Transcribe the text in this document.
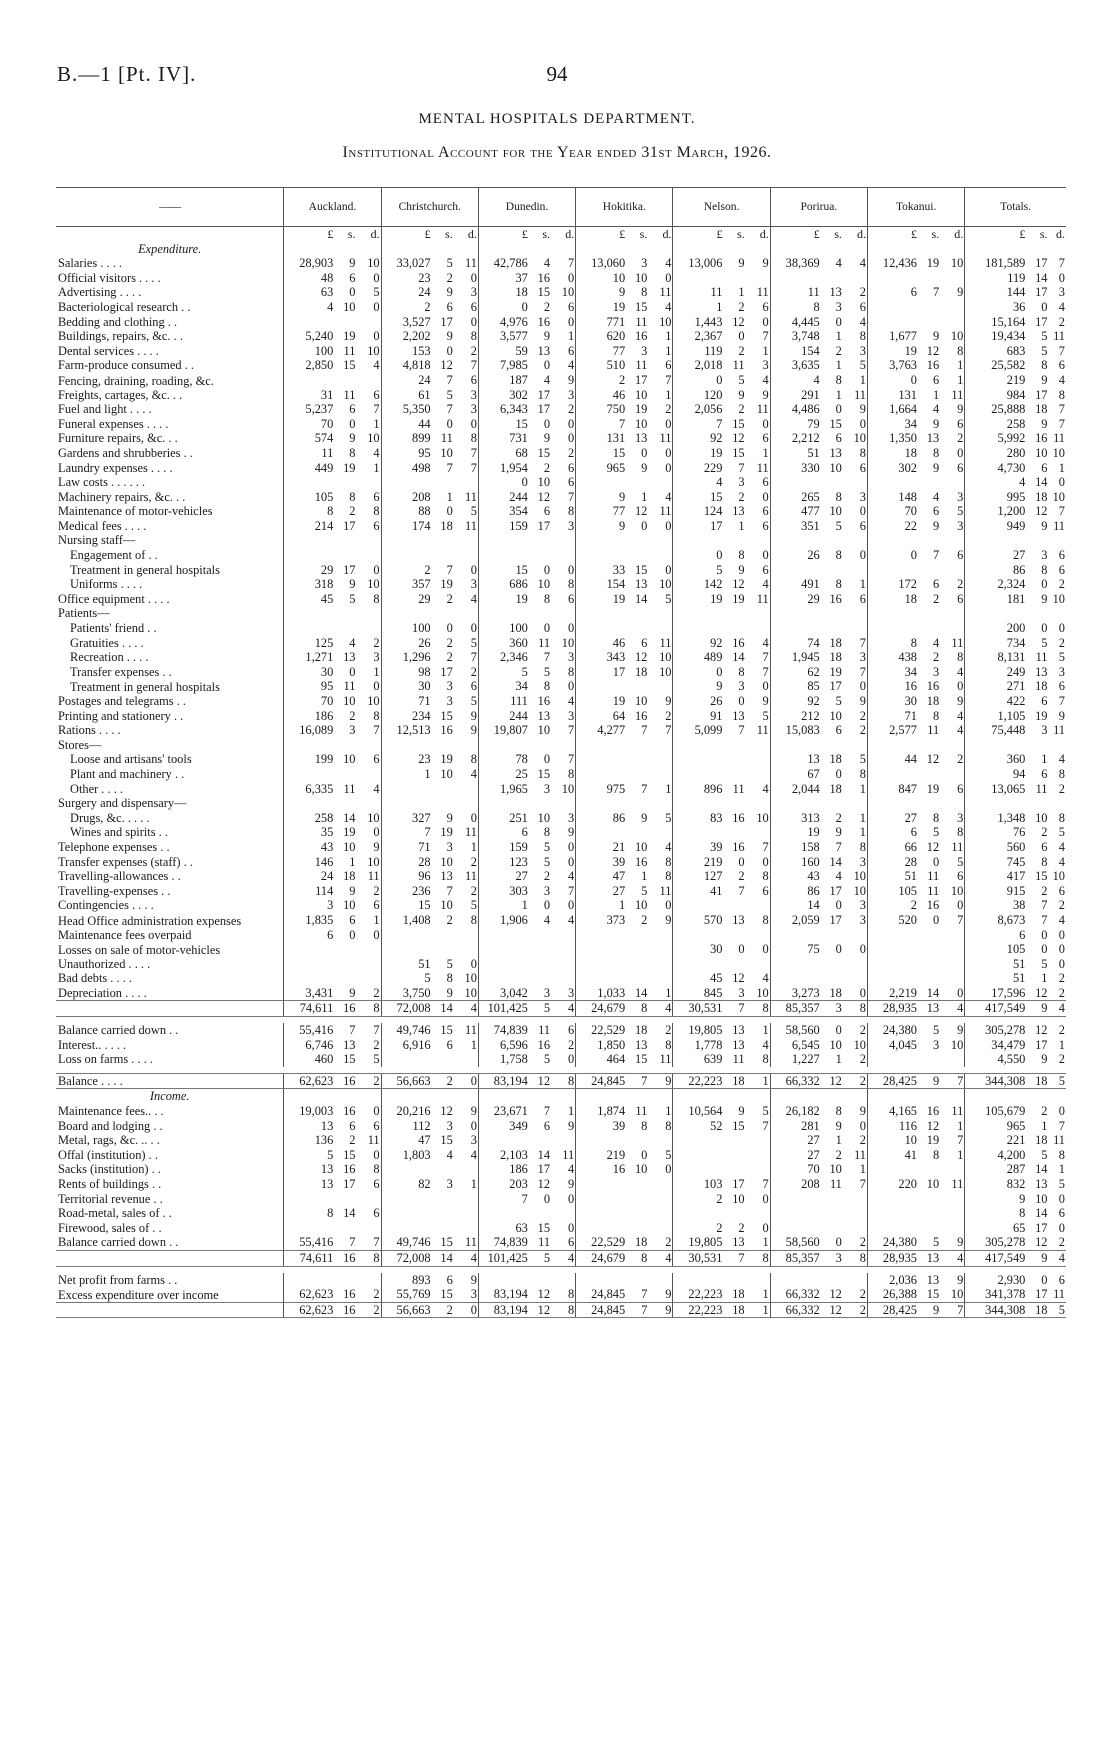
B.—1 [Pt. IV].	94
MENTAL HOSPITALS DEPARTMENT.
Institutional Account for the Year ended 31st March, 1926.
——	Auckland.			Christchurch.			Dunedin.			Hokitika.			Nelson.			Porirua.			Tokanui.			Totals.		
	£	s.	d.	£	s.	d.	£	s.	d.	£	s.	d.	£	s.	d.	£	s.	d.	£	s.	d.	£	s.	d.
Expenditure.																								
Salaries . . . .	28,903	9	10	33,027	5	11	42,786	4	7	13,060	3	4	13,006	9	9	38,369	4	4	12,436	19	10	181,589	17	7
Official visitors . . . .	48	6	0	23	2	0	37	16	0	10	10	0										119	14	0
Advertising . . . .	63	0	5	24	9	3	18	15	10	9	8	11	11	1	11	11	13	2	6	7	9	144	17	3
Bacteriological research . .	4	10	0	2	6	6	0	2	6	19	15	4	1	2	6	8	3	6				36	0	4
Bedding and clothing . .				3,527	17	0	4,976	16	0	771	11	10	1,443	12	0	4,445	0	4				15,164	17	2
Buildings, repairs, &c. . .	5,240	19	0	2,202	9	8	3,577	9	1	620	16	1	2,367	0	7	3,748	1	8	1,677	9	10	19,434	5	11
Dental services . . . .	100	11	10	153	0	2	59	13	6	77	3	1	119	2	1	154	2	3	19	12	8	683	5	7
Farm-produce consumed . .	2,850	15	4	4,818	12	7	7,985	0	4	510	11	6	2,018	11	3	3,635	1	5	3,763	16	1	25,582	8	6
Fencing, draining, roading, &c.				24	7	6	187	4	9	2	17	7	0	5	4	4	8	1	0	6	1	219	9	4
Freights, cartages, &c. . .	31	11	6	61	5	3	302	17	3	46	10	1	120	9	9	291	1	11	131	1	11	984	17	8
Fuel and light . . . .	5,237	6	7	5,350	7	3	6,343	17	2	750	19	2	2,056	2	11	4,486	0	9	1,664	4	9	25,888	18	7
Funeral expenses . . . .	70	0	1	44	0	0	15	0	0	7	10	0	7	15	0	79	15	0	34	9	6	258	9	7
Furniture repairs, &c. . .	574	9	10	899	11	8	731	9	0	131	13	11	92	12	6	2,212	6	10	1,350	13	2	5,992	16	11
Gardens and shrubberies . .	11	8	4	95	10	7	68	15	2	15	0	0	19	15	1	51	13	8	18	8	0	280	10	10
Laundry expenses . . . .	449	19	1	498	7	7	1,954	2	6	965	9	0	229	7	11	330	10	6	302	9	6	4,730	6	1
Law costs . . . . . .							0	10	6				4	3	6							4	14	0
Machinery repairs, &c. . .	105	8	6	208	1	11	244	12	7	9	1	4	15	2	0	265	8	3	148	4	3	995	18	10
Maintenance of motor-vehicles	8	2	8	88	0	5	354	6	8	77	12	11	124	13	6	477	10	0	70	6	5	1,200	12	7
Medical fees . . . .	214	17	6	174	18	11	159	17	3	9	0	0	17	1	6	351	5	6	22	9	3	949	9	11
Nursing staff—																								
Engagement of . .													0	8	0	26	8	0	0	7	6	27	3	6
Treatment in general hospitals	29	17	0	2	7	0	15	0	0	33	15	0	5	9	6							86	8	6
Uniforms . . . .	318	9	10	357	19	3	686	10	8	154	13	10	142	12	4	491	8	1	172	6	2	2,324	0	2
Office equipment . . . .	45	5	8	29	2	4	19	8	6	19	14	5	19	19	11	29	16	6	18	2	6	181	9	10
Patients—																								
Patients' friend . .				100	0	0	100	0	0													200	0	0
Gratuities . . . .	125	4	2	26	2	5	360	11	10	46	6	11	92	16	4	74	18	7	8	4	11	734	5	2
Recreation . . . .	1,271	13	3	1,296	2	7	2,346	7	3	343	12	10	489	14	7	1,945	18	3	438	2	8	8,131	11	5
Transfer expenses . .	30	0	1	98	17	2	5	5	8	17	18	10	0	8	7	62	19	7	34	3	4	249	13	3
Treatment in general hospitals	95	11	0	30	3	6	34	8	0				9	3	0	85	17	0	16	16	0	271	18	6
Postages and telegrams . .	70	10	10	71	3	5	111	16	4	19	10	9	26	0	9	92	5	9	30	18	9	422	6	7
Printing and stationery . .	186	2	8	234	15	9	244	13	3	64	16	2	91	13	5	212	10	2	71	8	4	1,105	19	9
Rations . . . .	16,089	3	7	12,513	16	9	19,807	10	7	4,277	7	7	5,099	7	11	15,083	6	2	2,577	11	4	75,448	3	11
Stores—																								
Loose and artisans' tools	199	10	6	23	19	8	78	0	7							13	18	5	44	12	2	360	1	4
Plant and machinery . .				1	10	4	25	15	8							67	0	8				94	6	8
Other . . . .	6,335	11	4				1,965	3	10	975	7	1	896	11	4	2,044	18	1	847	19	6	13,065	11	2
Surgery and dispensary—																								
Drugs, &c. . . . .	258	14	10	327	9	0	251	10	3	86	9	5	83	16	10	313	2	1	27	8	3	1,348	10	8
Wines and spirits . .	35	19	0	7	19	11	6	8	9							19	9	1	6	5	8	76	2	5
Telephone expenses . .	43	10	9	71	3	1	159	5	0	21	10	4	39	16	7	158	7	8	66	12	11	560	6	4
Transfer expenses (staff) . .	146	1	10	28	10	2	123	5	0	39	16	8	219	0	0	160	14	3	28	0	5	745	8	4
Travelling-allowances . .	24	18	11	96	13	11	27	2	4	47	1	8	127	2	8	43	4	10	51	11	6	417	15	10
Travelling-expenses . .	114	9	2	236	7	2	303	3	7	27	5	11	41	7	6	86	17	10	105	11	10	915	2	6
Contingencies . . . .	3	10	6	15	10	5	1	0	0	1	10	0				14	0	3	2	16	0	38	7	2
Head Office administration expenses	1,835	6	1	1,408	2	8	1,906	4	4	373	2	9	570	13	8	2,059	17	3	520	0	7	8,673	7	4
Maintenance fees overpaid	6	0	0																			6	0	0
Losses on sale of motor-vehicles													30	0	0	75	0	0				105	0	0
Unauthorized . . . .				51	5	0																51	5	0
Bad debts . . . .				5	8	10							45	12	4							51	1	2
Depreciation . . . .	3,431	9	2	3,750	9	10	3,042	3	3	1,033	14	1	845	3	10	3,273	18	0	2,219	14	0	17,596	12	2
	74,611	16	8	72,008	14	4	101,425	5	4	24,679	8	4	30,531	7	8	85,357	3	8	28,935	13	4	417,549	9	4

Balance carried down . .	55,416	7	7	49,746	15	11	74,839	11	6	22,529	18	2	19,805	13	1	58,560	0	2	24,380	5	9	305,278	12	2
Interest.. . . . .	6,746	13	2	6,916	6	1	6,596	16	2	1,850	13	8	1,778	13	4	6,545	10	10	4,045	3	10	34,479	17	1
Loss on farms . . . .	460	15	5				1,758	5	0	464	15	11	639	11	8	1,227	1	2				4,550	9	2

Balance . . . .	62,623	16	2	56,663	2	0	83,194	12	8	24,845	7	9	22,223	18	1	66,332	12	2	28,425	9	7	344,308	18	5
Income.																								
Maintenance fees.. . .	19,003	16	0	20,216	12	9	23,671	7	1	1,874	11	1	10,564	9	5	26,182	8	9	4,165	16	11	105,679	2	0
Board and lodging . .	13	6	6	112	3	0	349	6	9	39	8	8	52	15	7	281	9	0	116	12	1	965	1	7
Metal, rags, &c. .. . .	136	2	11	47	15	3										27	1	2	10	19	7	221	18	11
Offal (institution) . .	5	15	0	1,803	4	4	2,103	14	11	219	0	5				27	2	11	41	8	1	4,200	5	8
Sacks (institution) . .	13	16	8				186	17	4	16	10	0				70	10	1				287	14	1
Rents of buildings . .	13	17	6	82	3	1	203	12	9				103	17	7	208	11	7	220	10	11	832	13	5
Territorial revenue . .							7	0	0				2	10	0							9	10	0
Road-metal, sales of . .	8	14	6																			8	14	6
Firewood, sales of . .							63	15	0				2	2	0							65	17	0
Balance carried down . .	55,416	7	7	49,746	15	11	74,839	11	6	22,529	18	2	19,805	13	1	58,560	0	2	24,380	5	9	305,278	12	2
	74,611	16	8	72,008	14	4	101,425	5	4	24,679	8	4	30,531	7	8	85,357	3	8	28,935	13	4	417,549	9	4

Net profit from farms . .				893	6	9													2,036	13	9	2,930	0	6
Excess expenditure over income	62,623	16	2	55,769	15	3	83,194	12	8	24,845	7	9	22,223	18	1	66,332	12	2	26,388	15	10	341,378	17	11
	62,623	16	2	56,663	2	0	83,194	12	8	24,845	7	9	22,223	18	1	66,332	12	2	28,425	9	7	344,308	18	5
